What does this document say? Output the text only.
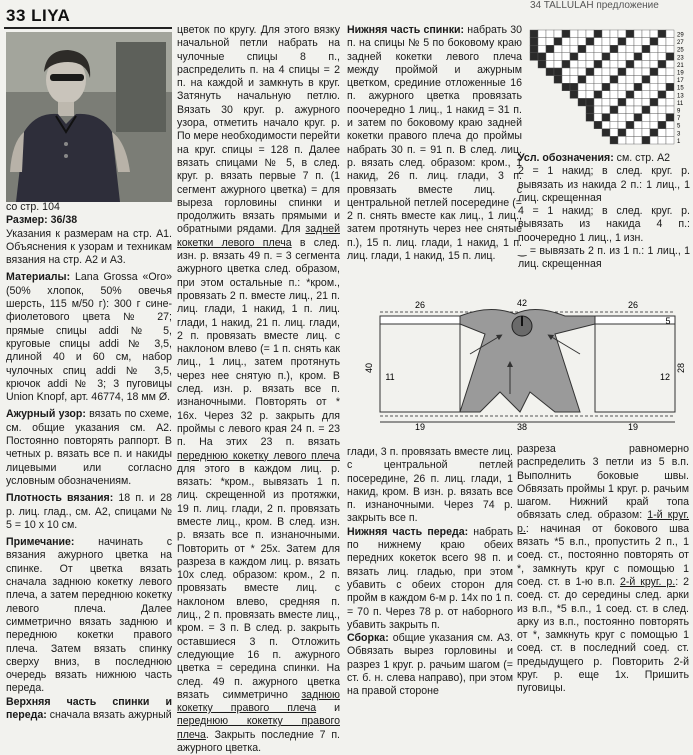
33 LIYA
34 TALLULAH предложение

со стр. 104

Размер: 36/38

Указания к размерам на стр. А1. Объяснения к узорам и техникам вязания на стр. А2 и А3.

Материалы: Lana Grossa «Oro» (50% хлопок, 50% овечья шерсть, 115 м/50 г): 300 г сине-фиолетового цвета № 27; прямые спицы addi № 5, круговые спицы addi № 3,5, длиной 40 и 60 см, набор чулочных спиц addi № 3,5, крючок addi № 3; 3 пуговицы Union Knopf, арт. 46774, 18 мм Ø.

Ажурный узор: вязать по схеме, см. общие указания см. А2. Постоянно повторять раппорт. В четных р. вязать все п. и накиды лицевыми или согласно условным обозначениям.

Плотность вязания: 18 п. и 28 р. лиц. глад., см. А2, спицами № 5 = 10 х 10 см.

Примечание: начинать с вязания ажурного цветка на спинке. От цветка вязать сначала заднюю кокетку левого плеча, а затем переднюю кокетку левого плеча. Далее симметрично вязать заднюю и переднюю кокетки правого плеча. Затем вязать спинку сверху вниз, в последнюю очередь вязать нижнюю часть переда.

Верхняя часть спинки и переда: сначала вязать ажурный

цветок по кругу. Для этого вязку начальной петли набрать на чулочные спицы 8 п., распределить п. на 4 спицы = 2 п. на каждой и замкнуть в круг. Затянуть начальную петлю. Вязать 30 круг. р. ажурного узора, отметить начало круг. р. По мере необходимости перейти на круг. спицы = 128 п. Далее вязать спицами № 5, в след. круг. р. вязать первые 7 п. (1 сегмент ажурного цветка) = для выреза горловины спинки и продолжить вязать прямыми и обратными рядами. Для задней кокетки левого плеча в след. изн. р. вязать 49 п. = 3 сегмента ажурного цветка след. образом, при этом остальные п.: *кром., провязать 2 п. вместе лиц., 21 п. лиц. глади, 1 накид, 1 п. лиц. глади, 1 накид, 21 п. лиц. глади, 2 п. провязать вместе лиц. с наклоном влево (= 1 п. снять как лиц., 1 лиц., затем протянуть через нее снятую п.), кром. В след. изн. р. вязать все п. изнаночными. Повторять от * 16х. Через 32 р. закрыть для проймы с левого края 24 п. = 23 п. На этих 23 п. вязать переднюю кокетку левого плеча для этого в каждом лиц. р. вязать: *кром., вывязать 1 п. лиц. скрещенной из протяжки, 19 п. лиц. глади, 2 п. провязать вместе лиц., кром. В след. изн. р. вязать все п. изнаночными. Повторить от * 25х. Затем для разреза в каждом лиц. р. вязать 10х след. образом: кром., 2 п. провязать вместе лиц. с наклоном влево, средняя п. лиц., 2 п. провязать вместе лиц., кром. = 3 п. В след. р. закрыть оставшиеся 3 п. Отложить следующие 16 п. ажурного цветка = середина спинки. На след. 49 п. ажурного цветка вязать симметрично заднюю кокетку правого плеча и переднюю кокетку правого плеча. Закрыть последние 7 п. ажурного цветка.

Нижняя часть спинки: набрать 30 п. на спицы № 5 по боковому краю задней кокетки левого плеча между проймой и ажурным цветком, срединие отложенные 16 п. ажурного цветка провязать поочередно 1 лиц., 1 накид = 31 п. и затем по боковому краю задней кокетки правого плеча до проймы набрать 30 п. = 91 п. В след. лиц. р. вязать след. образом: кром., 1 накид, 26 п. лиц. глади, 3 п. провязать вместе лиц. с центральной петлей посередине (= 2 п. снять вместе как лиц., 1 лиц., затем протянуть через нее снятые п.), 15 п. лиц. глади, 1 накид, 1 п. лиц. глади, 1 накид, 15 п. лиц.

29
27
25
23
21
19
17
15
13
11
9
7
5
3
1

Усл. обозначения: см. стр. А2

2 = 1 накид; в след. круг. р. вывязать из накида 2 п.: 1 лиц., 1 лиц. скрещенная

4 = 1 накид; в след. круг. р. вывязать из накида 4 п.: поочередно 1 лиц., 1 изн.

‿ = вывязать 2 п. из 1 п.: 1 лиц., 1 лиц. скрещенная

26	42	26
40	28
11	12
5
19	38	19

глади, 3 п. провязать вместе лиц. с центральной петлей посередине, 26 п. лиц. глади, 1 накид, кром. В изн. р. вязать все п. изнаночными. Через 74 р. закрыть все п.

Нижняя часть переда: набрать по нижнему краю обеих передних кокеток всего 98 п. и вязать лиц. гладью, при этом убавить с обеих сторон для пройм в каждом 6-м р. 14х по 1 п. = 70 п. Через 78 р. от наборного убавить закрыть п.

Сборка: общие указания см. А3. Обвязать вырез горловины и разрез 1 круг. р. рачьим шагом (= ст. б. н. слева направо), при этом на правой стороне

разреза равномерно распределить 3 петли из 5 в.п. Выполнить боковые швы. Обвязать проймы 1 круг. р. рачьим шагом. Нижний край топа обвязать след. образом: 1-й круг. р.: начиная от бокового шва вязать *5 в.п., пропустить 2 п., 1 соед. ст., постоянно повторять от *, замкнуть круг с помощью 1 соед. ст. в 1-ю в.п. 2-й круг. р.: 2 соед. ст. до середины след. арки из в.п., *5 в.п., 1 соед. ст. в след. арку из в.п., постоянно повторять от *, замкнуть круг с помощью 1 соед. ст. в последний соед. ст. предыдущего р. Повторить 2-й круг. р. еще 1х. Пришить пуговицы.
